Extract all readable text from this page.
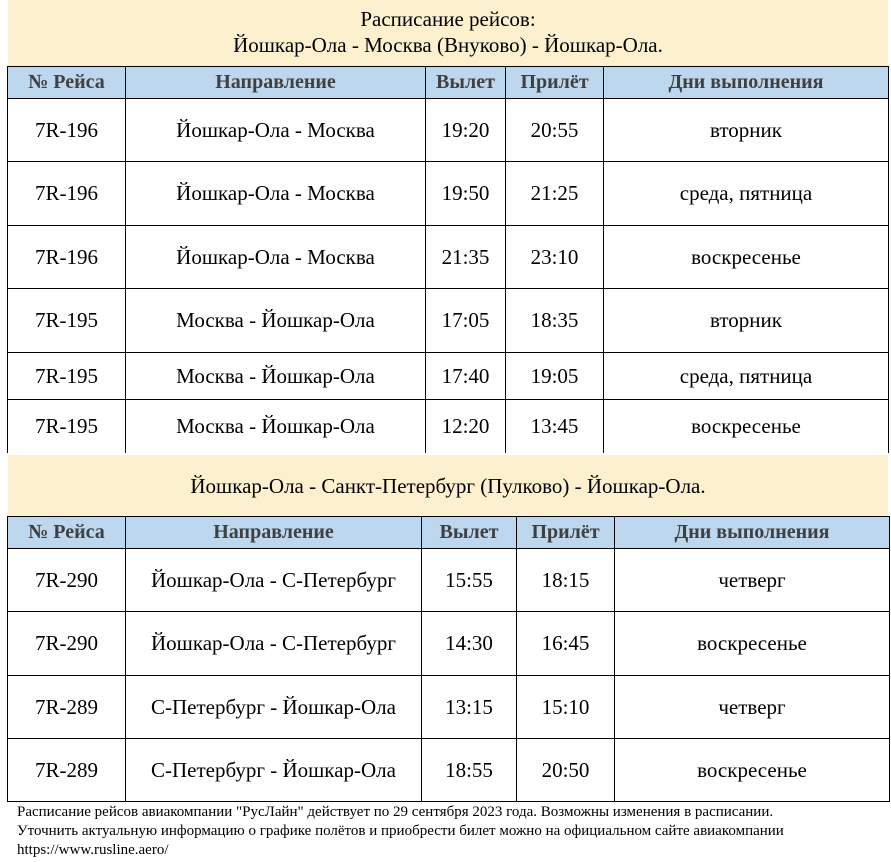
Расписание рейсов:
Йошкар-Ола - Москва (Внуково) - Йошкар-Ола.
№ Рейса	Направление	Вылет	Прилёт	Дни выполнения
7R-196	Йошкар-Ола - Москва	19:20	20:55	вторник
7R-196	Йошкар-Ола - Москва	19:50	21:25	среда, пятница
7R-196	Йошкар-Ола - Москва	21:35	23:10	воскресенье
7R-195	Москва - Йошкар-Ола	17:05	18:35	вторник
7R-195	Москва - Йошкар-Ола	17:40	19:05	среда, пятница
7R-195	Москва - Йошкар-Ола	12:20	13:45	воскресенье
Йошкар-Ола - Санкт-Петербург (Пулково) - Йошкар-Ола.
№ Рейса	Направление	Вылет	Прилёт	Дни выполнения
7R-290	Йошкар-Ола - С-Петербург	15:55	18:15	четверг
7R-290	Йошкар-Ола - С-Петербург	14:30	16:45	воскресенье
7R-289	С-Петербург - Йошкар-Ола	13:15	15:10	четверг
7R-289	С-Петербург - Йошкар-Ола	18:55	20:50	воскресенье
Расписание рейсов авиакомпании "РусЛайн" действует по 29 сентября 2023 года. Возможны изменения в расписании.
Уточнить актуальную информацию о графике полётов и приобрести билет можно на официальном сайте авиакомпании
https://www.rusline.aero/
